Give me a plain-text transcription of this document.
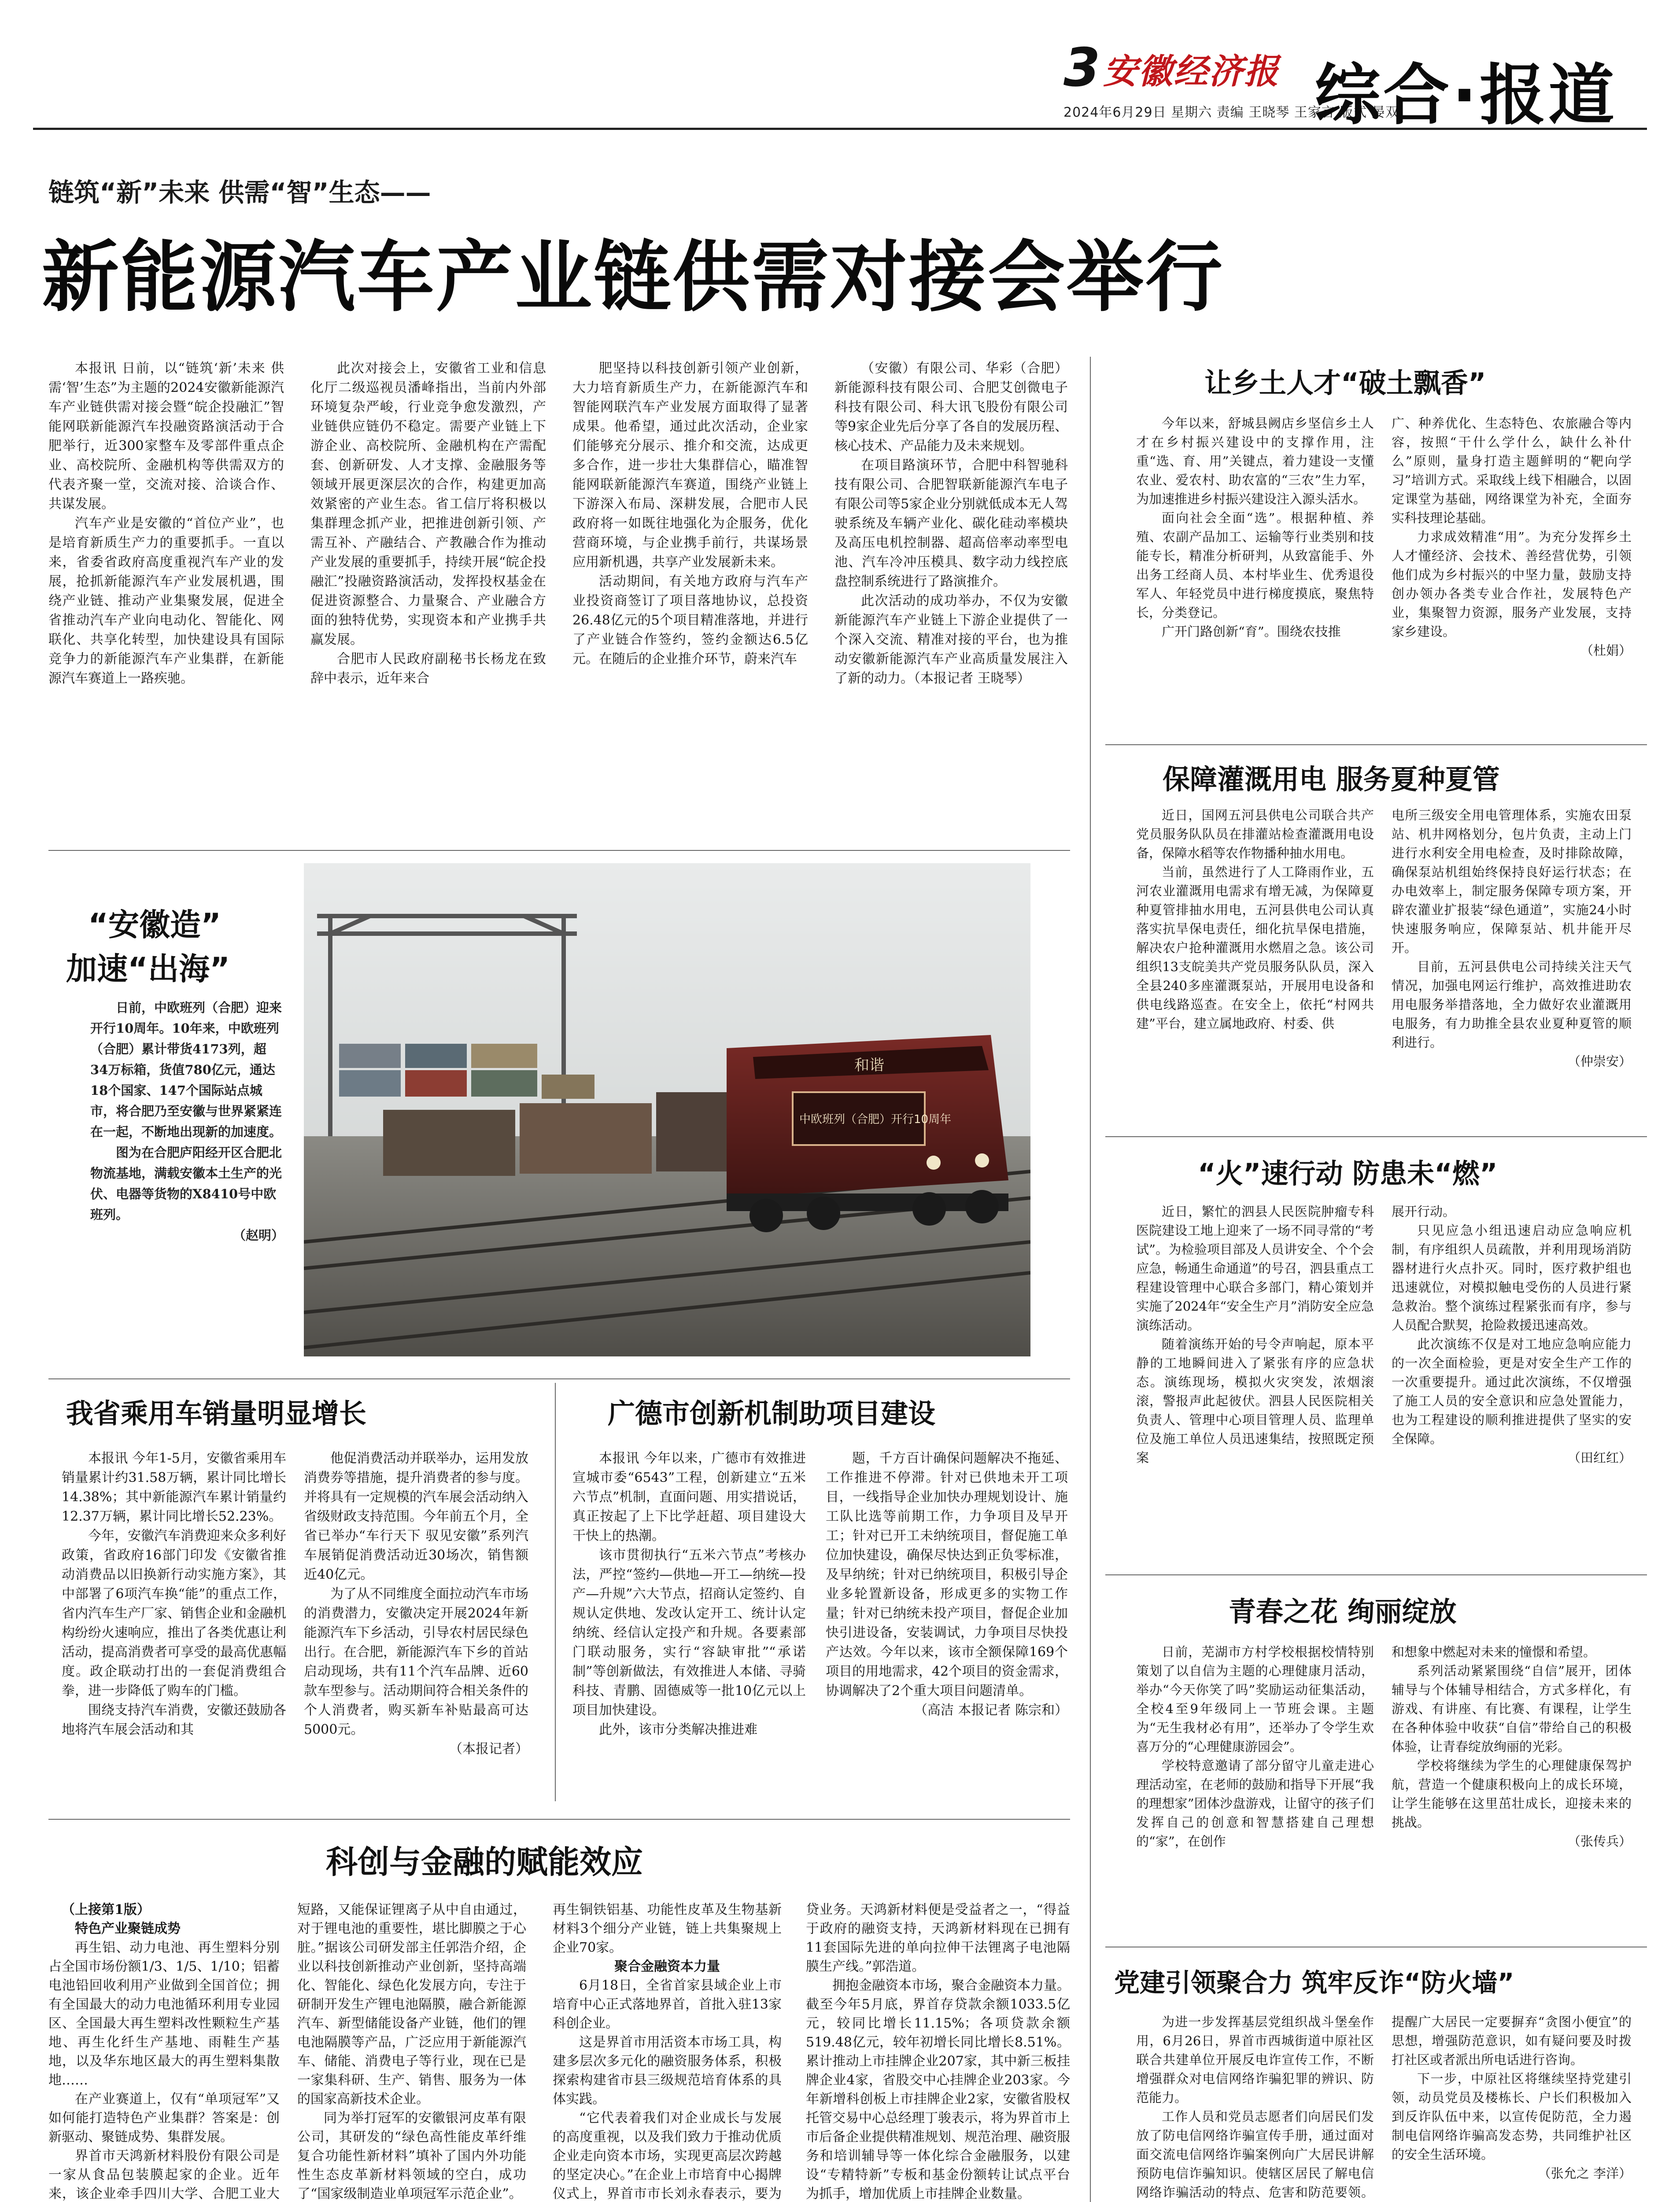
3 安徽经济报
2024年6月29日 星期六 责编 王晓琴 王家言 版式 晏双
综合·报道
链筑“新”未来 供需“智”生态——
新能源汽车产业链供需对接会举行

本报讯 日前，以“链筑‘新’未来 供需‘智’生态”为主题的2024安徽新能源汽车产业链供需对接会暨“皖企投融汇”智能网联新能源汽车投融资路演活动于合肥举行，近300家整车及零部件重点企业、高校院所、金融机构等供需双方的代表齐聚一堂，交流对接、洽谈合作、共谋发展。

汽车产业是安徽的“首位产业”，也是培育新质生产力的重要抓手。一直以来，省委省政府高度重视汽车产业的发展，抢抓新能源汽车产业发展机遇，围绕产业链、推动产业集聚发展，促进全省推动汽车产业向电动化、智能化、网联化、共享化转型，加快建设具有国际竞争力的新能源汽车产业集群，在新能源汽车赛道上一路疾驰。

此次对接会上，安徽省工业和信息化厅二级巡视员潘峰指出，当前内外部环境复杂严峻，行业竞争愈发激烈，产业链供应链仍不稳定。需要产业链上下游企业、高校院所、金融机构在产需配套、创新研发、人才支撑、金融服务等领域开展更深层次的合作，构建更加高效紧密的产业生态。省工信厅将积极以集群理念抓产业，把推进创新引领、产需互补、产融结合、产教融合作为推动产业发展的重要抓手，持续开展“皖企投融汇”投融资路演活动，发挥投权基金在促进资源整合、力量聚合、产业融合方面的独特优势，实现资本和产业携手共赢发展。

合肥市人民政府副秘书长杨龙在致辞中表示，近年来合

肥坚持以科技创新引领产业创新，大力培育新质生产力，在新能源汽车和智能网联汽车产业发展方面取得了显著成果。他希望，通过此次活动，企业家们能够充分展示、推介和交流，达成更多合作，进一步壮大集群信心，瞄准智能网联新能源汽车赛道，围绕产业链上下游深入布局、深耕发展，合肥市人民政府将一如既往地强化为企服务，优化营商环境，与企业携手前行，共谋场景应用新机遇，共享产业发展新未来。

活动期间，有关地方政府与汽车产业投资商签订了项目落地协议，总投资26.48亿元的5个项目精准落地，并进行了产业链合作签约，签约金额达6.5亿元。在随后的企业推介环节，蔚来汽车

（安徽）有限公司、华彩（合肥）新能源科技有限公司、合肥艾创微电子科技有限公司、科大讯飞股份有限公司等9家企业先后分享了各自的发展历程、核心技术、产品能力及未来规划。

在项目路演环节，合肥中科智驰科技有限公司、合肥智联新能源汽车电子有限公司等5家企业分别就低成本无人驾驶系统及车辆产业化、碳化硅动率模块及高压电机控制器、超高倍率动率型电池、汽车冷冲压模具、数字动力线控底盘控制系统进行了路演推介。

此次活动的成功举办，不仅为安徽新能源汽车产业链上下游企业提供了一个深入交流、精准对接的平台，也为推动安徽新能源汽车产业高质量发展注入了新的动力。（本报记者 王晓琴）

“安徽造”
加速“出海”

日前，中欧班列（合肥）迎来开行10周年。10年来，中欧班列（合肥）累计带货4173列，超34万标箱，货值780亿元，通达18个国家、147个国际站点城市，将合肥乃至安徽与世界紧紧连在一起，不断地出现新的加速度。

图为在合肥庐阳经开区合肥北物流基地，满载安徽本土生产的光伏、电器等货物的X8410号中欧班列。

（赵明）
和谐
中欧班列（合肥）开行10周年
我省乘用车销量明显增长

本报讯 今年1-5月，安徽省乘用车销量累计约31.58万辆，累计同比增长14.38%；其中新能源汽车累计销量约12.37万辆，累计同比增长52.23%。

今年，安徽汽车消费迎来众多利好政策，省政府16部门印发《安徽省推动消费品以旧换新行动实施方案》，其中部署了6项汽车换“能”的重点工作，省内汽车生产厂家、销售企业和金融机构纷纷火速响应，推出了各类优惠让利活动，提高消费者可享受的最高优惠幅度。政企联动打出的一套促消费组合拳，进一步降低了购车的门槛。

围绕支持汽车消费，安徽还鼓励各地将汽车展会活动和其

他促消费活动并联举办，运用发放消费券等措施，提升消费者的参与度。并将具有一定规模的汽车展会活动纳入省级财政支持范围。今年前五个月，全省已举办“车行天下 驭见安徽”系列汽车展销促消费活动近30场次，销售额近40亿元。

为了从不同维度全面拉动汽车市场的消费潜力，安徽决定开展2024年新能源汽车下乡活动，引导农村居民绿色出行。在合肥，新能源汽车下乡的首站启动现场，共有11个汽车品牌、近60款车型参与。活动期间符合相关条件的个人消费者，购买新车补贴最高可达5000元。

（本报记者）
广德市创新机制助项目建设

本报讯 今年以来，广德市有效推进宣城市委“6543”工程，创新建立“五米六节点”机制，直面问题、用实措说话，真正按起了上下比学赶超、项目建设大干快上的热潮。

该市贯彻执行“五米六节点”考核办法，严控“签约—供地—开工—纳统—投产—升规”六大节点，招商认定签约、自规认定供地、发改认定开工、统计认定纳统、经信认定投产和升规。各要素部门联动服务，实行“容缺审批”“承诺制”等创新做法，有效推进人本储、寻骑科技、青鹏、固德威等一批10亿元以上项目加快建设。

此外，该市分类解决推进难

题，千方百计确保问题解决不拖延、工作推进不停滞。针对已供地未开工项目，一线指导企业加快办理规划设计、施工队比选等前期工作，力争项目及早开工；针对已开工未纳统项目，督促施工单位加快建设，确保尽快达到正负零标准，及早纳统；针对已纳统项目，积极引导企业多轮置新设备，形成更多的实物工作量；针对已纳统未投产项目，督促企业加快引进设备，安装调试，力争项目尽快投产达效。今年以来，该市全额保障169个项目的用地需求，42个项目的资金需求，协调解决了2个重大项目问题清单。

（高洁 本报记者 陈宗和）
科创与金融的赋能效应

（上接第1版）

特色产业聚链成势

再生铝、动力电池、再生塑料分别占全国市场份额1/3、1/5、1/10；铝蓄电池铅回收利用产业做到全国首位；拥有全国最大的动力电池循环利用专业园区、全国最大再生塑料改性颗粒生产基地、再生化纤生产基地、雨鞋生产基地，以及华东地区最大的再生塑料集散地……

在产业赛道上，仅有“单项冠军”又如何能打造特色产业集群？答案是：创新驱动、聚链成势、集群发展。

界首市天鸿新材料股份有限公司是一家从食品包装膜起家的企业。近年来，该企业牵手四川大学、合肥工业大

短路，又能保证锂离子从中自由通过，对于锂电池的重要性，堪比脚膜之于心脏。”据该公司研发部主任郭浩介绍，企业以科技创新推动产业创新，坚持高端化、智能化、绿色化发展方向，专注于研制开发生产锂电池隔膜，融合新能源汽车、新型储能设备产业链，他们的锂电池隔膜等产品，广泛应用于新能源汽车、储能、消费电子等行业，现在已是一家集科研、生产、销售、服务为一体的国家高新技术企业。

同为举打冠军的安徽银河皮革有限公司，其研发的“绿色高性能皮革纤维复合功能性新材料”填补了国内外功能性生态皮革新材料领域的空白，成功了“国家级制造业单项冠军示范企业”。

再生铜铁铝基、功能性皮革及生物基新材料3个细分产业链，链上共集聚规上企业70家。

聚合金融资本力量

6月18日，全省首家县域企业上市培育中心正式落地界首，首批入驻13家科创企业。

这是界首市用活资本市场工具，构建多层次多元化的融资服务体系，积极探索构建省市县三级规范培育体系的具体实践。

“它代表着我们对企业成长与发展的高度重视，以及我们致力于推动优质企业走向资本市场，实现更高层次跨越的坚定决心。”在企业上市培育中心揭牌仪式上，界首市市长刘永春表示，要为

贷业务。天鸿新材料便是受益者之一，“得益于政府的融资支持，天鸿新材料现在已拥有11套国际先进的单向拉伸干法锂离子电池隔膜生产线。”郭浩道。

拥抱金融资本市场，聚合金融资本力量。截至今年5月底，界首存贷款余额1033.5亿元，较同比增长11.15%；各项贷款余额519.48亿元，较年初增长同比增长8.51%。累计推动上市挂牌企业207家，其中新三板挂牌企业4家，省股交中心挂牌企业203家。今年新增科创板上市挂牌企业2家，安徽省股权托管交易中心总经理丁骏表示，将为界首市上市后备企业提供精准规划、规范治理、融资服务和培训辅导等一体化综合金融服务，以建设“专精特新”专板和基金份额转让试点平台为抓手，增加优质上市挂牌企业数量。

让乡土人才“破土飘香”

今年以来，舒城县阙店乡坚信乡土人才在乡村振兴建设中的支撑作用，注重“选、育、用”关键点，着力建设一支懂农业、爱农村、助农富的“三农”生力军，为加速推进乡村振兴建设注入源头活水。

面向社会全面“选”。根据种植、养殖、农副产品加工、运输等行业类别和技能专长，精准分析研判，从致富能手、外出务工经商人员、本村毕业生、优秀退役军人、年轻党员中进行梯度摸底，聚焦特长，分类登记。

广开门路创新“育”。围绕农技推

广、种养优化、生态特色、农旅融合等内容，按照“干什么学什么，缺什么补什么”原则，量身打造主题鲜明的“靶向学习”培训方式。采取线上线下相融合，以固定课堂为基础，网络课堂为补充，全面夯实科技理论基础。

力求成效精准“用”。为充分发挥乡土人才懂经济、会技术、善经营优势，引领他们成为乡村振兴的中坚力量，鼓励支持创办领办各类专业合作社，发展特色产业，集聚智力资源，服务产业发展，支持家乡建设。

（杜娟）
保障灌溉用电 服务夏种夏管

近日，国网五河县供电公司联合共产党员服务队队员在排灌站检查灌溉用电设备，保障水稻等农作物播种抽水用电。

当前，虽然进行了人工降雨作业，五河农业灌溉用电需求有增无减，为保障夏种夏管排抽水用电，五河县供电公司认真落实抗旱保电责任，细化抗旱保电措施，解决农户抢种灌溉用水燃眉之急。该公司组织13支皖美共产党员服务队队员，深入全县240多座灌溉泵站，开展用电设备和供电线路巡查。在安全上，依托“村网共建”平台，建立属地政府、村委、供

电所三级安全用电管理体系，实施农田泵站、机井网格划分，包片负责，主动上门进行水利安全用电检查，及时排除故障，确保泵站机组始终保持良好运行状态；在办电效率上，制定服务保障专项方案，开辟农灌业扩报装“绿色通道”，实施24小时快速服务响应，保障泵站、机井能开尽开。

目前，五河县供电公司持续关注天气情况，加强电网运行维护，高效推进助农用电服务举措落地，全力做好农业灌溉用电服务，有力助推全县农业夏种夏管的顺利进行。

（仲崇安）
“火”速行动 防患未“燃”

近日，繁忙的泗县人民医院肿瘤专科医院建设工地上迎来了一场不同寻常的“考试”。为检验项目部及人员讲安全、个个会应急，畅通生命通道”的号召，泗县重点工程建设管理中心联合多部门，精心策划并实施了2024年“安全生产月”消防安全应急演练活动。

随着演练开始的号令声响起，原本平静的工地瞬间进入了紧张有序的应急状态。演练现场，模拟火灾突发，浓烟滚滚，警报声此起彼伏。泗县人民医院相关负责人、管理中心项目管理人员、监理单位及施工单位人员迅速集结，按照既定预案

展开行动。

只见应急小组迅速启动应急响应机制，有序组织人员疏散，并利用现场消防器材进行火点扑灭。同时，医疗救护组也迅速就位，对模拟触电受伤的人员进行紧急救治。整个演练过程紧张而有序，参与人员配合默契，抢险救援迅速高效。

此次演练不仅是对工地应急响应能力的一次全面检验，更是对安全生产工作的一次重要提升。通过此次演练，不仅增强了施工人员的安全意识和应急处置能力，也为工程建设的顺利推进提供了坚实的安全保障。

（田红红）
青春之花 绚丽绽放

日前，芜湖市方村学校根据校情特别策划了以自信为主题的心理健康月活动，举办“今天你笑了吗”奖励运动征集活动，全校4至9年级同上一节班会课。主题为“无生我材必有用”，还举办了令学生欢喜万分的“心理健康游园会”。

学校特意邀请了部分留守儿童走进心理活动室，在老师的鼓励和指导下开展“我的理想家”团体沙盘游戏，让留守的孩子们发挥自己的创意和智慧搭建自己理想的“家”，在创作

和想象中燃起对未来的憧憬和希望。

系列活动紧紧围绕“自信”展开，团体辅导与个体辅导相结合，方式多样化，有游戏、有讲座、有比赛、有课程，让学生在各种体验中收获“自信”带给自己的积极体验，让青春绽放绚丽的光彩。

学校将继续为学生的心理健康保驾护航，营造一个健康积极向上的成长环境，让学生能够在这里茁壮成长，迎接未来的挑战。

（张传兵）
党建引领聚合力 筑牢反诈“防火墙”

为进一步发挥基层党组织战斗堡垒作用，6月26日，界首市西城街道中原社区联合共建单位开展反电诈宣传工作，不断增强群众对电信网络诈骗犯罪的辨识、防范能力。

工作人员和党员志愿者们向居民们发放了防电信网络诈骗宣传手册，通过面对面交流电信网络诈骗案例向广大居民讲解预防电信诈骗知识。使辖区居民了解电信网络诈骗活动的特点、危害和防范要领。

提醒广大居民一定要摒弃“贪图小便宜”的思想，增强防范意识，如有疑问要及时拨打社区或者派出所电话进行咨询。

下一步，中原社区将继续坚持党建引领，动员党员及楼栋长、户长们积极加入到反诈队伍中来，以宣传促防范，全力遏制电信网络诈骗高发态势，共同维护社区的安全生活环境。

（张允之 李洋）
